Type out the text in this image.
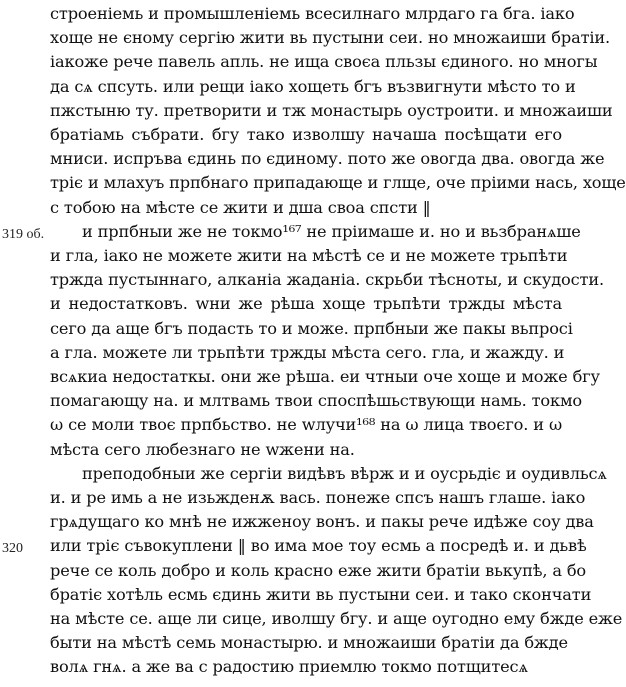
319 об.
320
строеніемь и промышленіемь всесилнаго млрдаго га бга. іако
хоще не єному сергію жити вь пустыни сеи. но множаиши братіи.
іакоже рече павель апль. не ища своєа пльзы єдиного. но многы
да сѧ спсуть. или рещи іако хощеть бгъ възвигнути мѣсто то и
пжстыню ту. претворити и тж монастырь оустроити. и множаиши
братіамь събрати. бгу тако изволшу начаша посѣщати его
мниси. испръва єдинь по єдиному. пото же овогда два. овогда же
тріє и млахуъ прпбнаго припадающе и глще, оче пріими нась, хоще
с тобою на мѣсте се жити и дша своа спсти ‖
и прпбныи же не токмо¹⁶⁷ не пріимаше и. но и вьзбранѧше
и гла, іако не можете жити на мѣстѣ се и не можете трьпѣти
тржда пустыннаго, алканіа жаданіа. скрьби тѣсноты, и скудости.
и недостатковъ. wни же рѣша хоще трьпѣти тржды мѣста
сего да аще бгъ подасть то и може. прпбныи же пакы вьпросі
а гла. можете ли трьпѣти тржды мѣста сего. гла, и жажду. и
всѧкиа недостаткы. они же рѣша. еи чтныи оче хоще и може бгу
помагающу на. и млтвамь твои споспѣшьствующи намь. токмо
ω се моли твоє прпбьство. не wлучи¹⁶⁸ на ω лица твоєго. и ω
мѣста сего любезнаго не wжени на.
преподобныи же сергіи видѣвъ вѣрж и и оусрьдіє и оудивльсѧ
и. и ре имь а не изьжденѫ вась. понеже спсъ нашъ глаше. іако
грѧдущаго ко мнѣ не ижженоу вонъ. и пакы рече идѣже соу два
или тріє съвокуплени ‖ во има мое тоу есмь а посредѣ и. и дьвѣ
рече се коль добро и коль красно еже жити братіи вькупѣ, а бо
братіє хотѣль есмь єдинь жити вь пустыни сеи. и тако скончати
на мѣсте се. аще ли сице, иволшу бгу. и аще оугодно ему бжде еже
быти на мѣстѣ семь монастырю. и множаиши братіи да бжде
волѧ гнѧ. а же ва с радостию приемлю токмо потщитесѧ
